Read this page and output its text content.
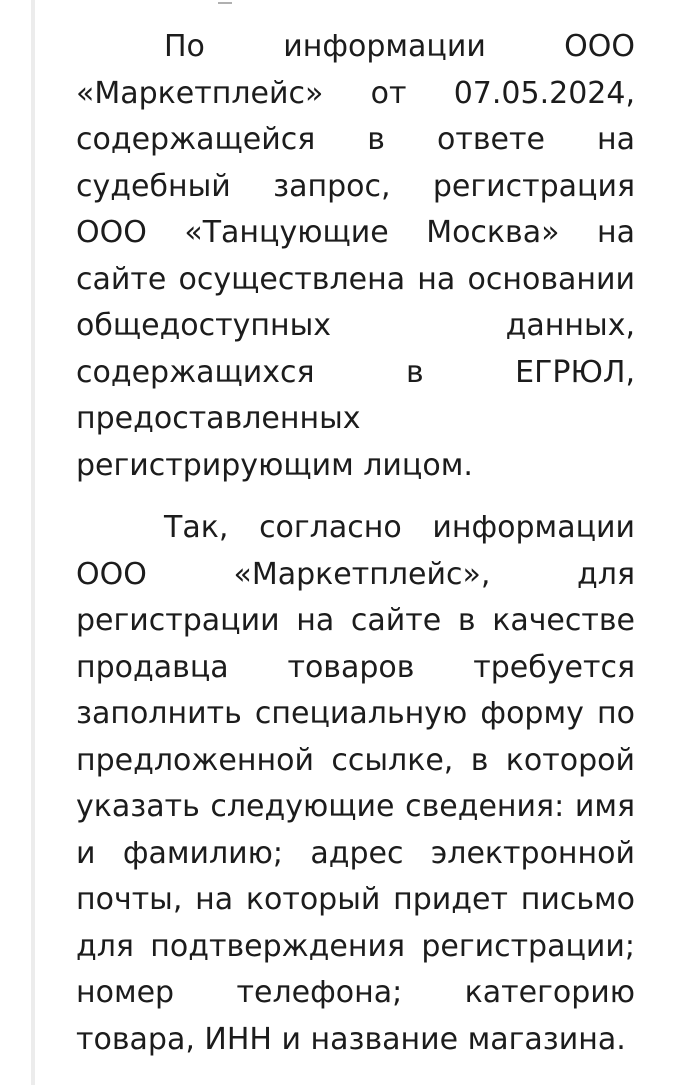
По информации ООО «Маркетплейс» от 07.05.2024, содержащейся в ответе на судебный запрос, регистрация ООО «Танцующие Москва» на сайте осуществлена на основании общедоступных данных, содержащихся в ЕГРЮЛ, предоставленных регистрирующим лицом.

Так, согласно информации ООО «Маркетплейс», для регистрации на сайте в качестве продавца товаров требуется заполнить специальную форму по предложенной ссылке, в которой указать следующие сведения: имя и фамилию; адрес электронной почты, на который придет письмо для подтверждения регистрации; номер телефона; категорию товара, ИНН и название магазина.
